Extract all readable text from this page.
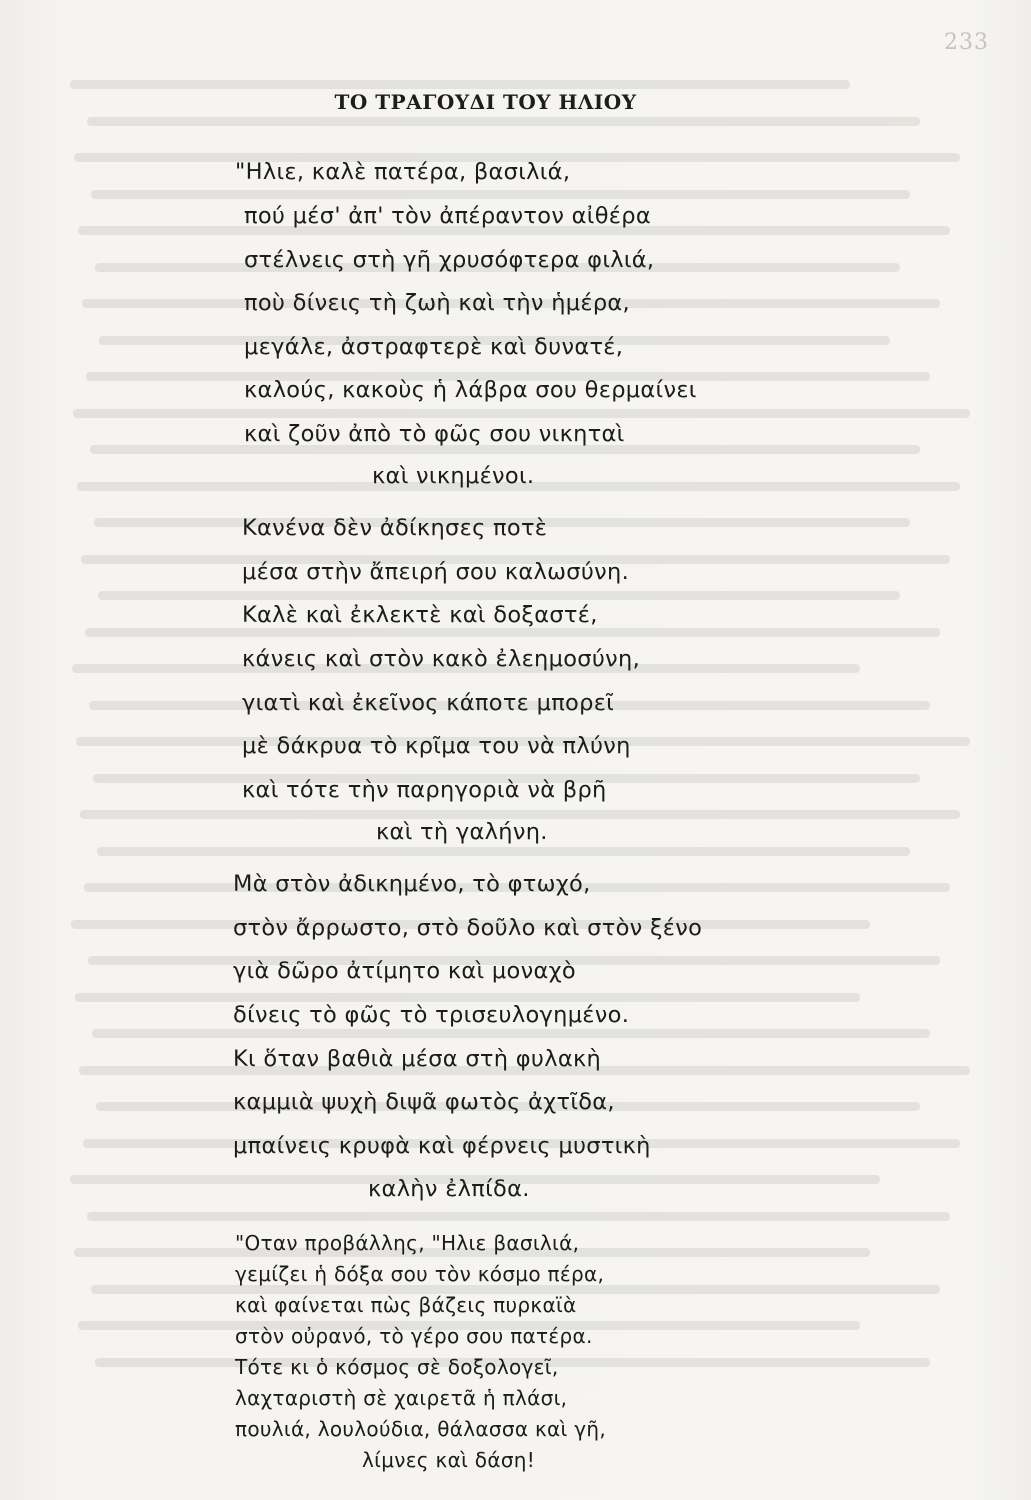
233
ΤΟ ΤΡΑΓΟΥΔΙ ΤΟΥ ΗΛΙΟΥ
"Ηλιε, καλὲ πατέρα, βασιλιά,
πού μέσ' ἀπ' τὸν ἀπέραντον αἰθέρα
στέλνεις στὴ γῆ χρυσόφτερα φιλιά,
ποὺ δίνεις τὴ ζωὴ καὶ τὴν ἡμέρα,
μεγάλε, ἀστραφτερὲ καὶ δυνατέ,
καλούς, κακοὺς ἡ λάβρα σου θερμαίνει
καὶ ζοῦν ἀπὸ τὸ φῶς σου νικηταὶ
καὶ νικημένοι.
Κανένα δὲν ἀδίκησες ποτὲ
μέσα στὴν ἄπειρή σου καλωσύνη.
Καλὲ καὶ ἐκλεκτὲ καὶ δοξαστέ,
κάνεις καὶ στὸν κακὸ ἐλεημοσύνη,
γιατὶ καὶ ἐκεῖνος κάποτε μπορεῖ
μὲ δάκρυα τὸ κρῖμα του νὰ πλύνη
καὶ τότε τὴν παρηγοριὰ νὰ βρῆ
καὶ τὴ γαλήνη.
Μὰ στὸν ἀδικημένο, τὸ φτωχό,
στὸν ἄρρωστο, στὸ δοῦλο καὶ στὸν ξένο
γιὰ δῶρο ἀτίμητο καὶ μοναχὸ
δίνεις τὸ φῶς τὸ τρισευλογημένο.
Κι ὅταν βαθιὰ μέσα στὴ φυλακὴ
καμμιὰ ψυχὴ διψᾶ φωτὸς ἀχτῖδα,
μπαίνεις κρυφὰ καὶ φέρνεις μυστικὴ
καλὴν ἐλπίδα.
"Οταν προβάλλης, "Ηλιε βασιλιά,
γεμίζει ἡ δόξα σου τὸν κόσμο πέρα,
καὶ φαίνεται πὼς βάζεις πυρκαϊὰ
στὸν οὐρανό, τὸ γέρο σου πατέρα.
Τότε κι ὁ κόσμος σὲ δοξολογεῖ,
λαχταριστὴ σὲ χαιρετᾶ ἡ πλάσι,
πουλιά, λουλούδια, θάλασσα καὶ γῆ,
λίμνες καὶ δάση!
